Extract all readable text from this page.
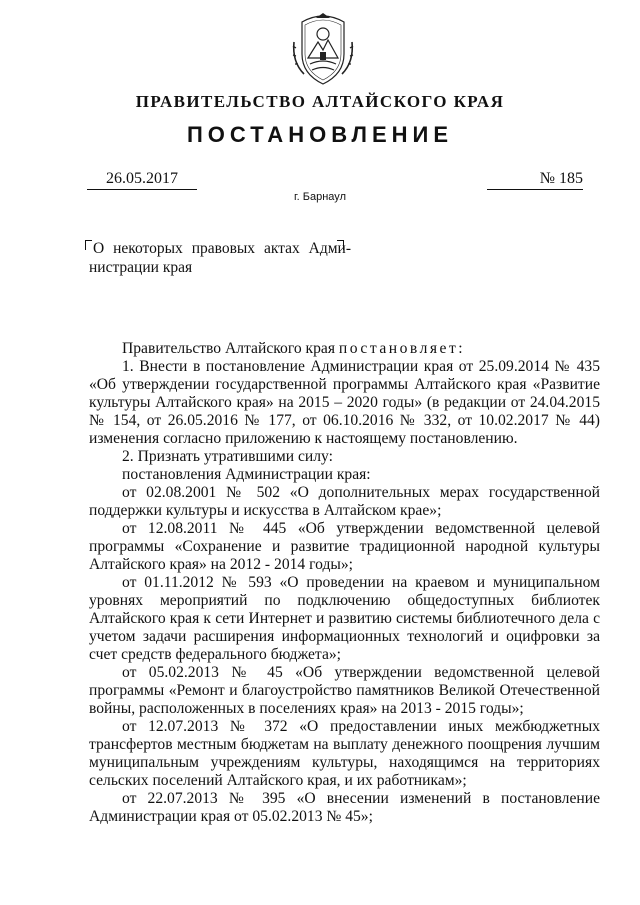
ПРАВИТЕЛЬСТВО АЛТАЙСКОГО КРАЯ
ПОСТАНОВЛЕНИЕ
26.05.2017	№ 185
г. Барнаул
О некоторых правовых актах Адми-
нистрации края

Правительство Алтайского края постановляет:

1. Внести в постановление Администрации края от 25.09.2014 № 435 «Об утверждении государственной программы Алтайского края «Развитие культуры Алтайского края» на 2015 – 2020 годы» (в редакции от 24.04.2015 № 154, от 26.05.2016 № 177, от 06.10.2016 № 332, от 10.02.2017 № 44) изменения согласно приложению к настоящему постановлению.

2. Признать утратившими силу:

постановления Администрации края:

от 02.08.2001 № 502 «О дополнительных мерах государственной поддержки культуры и искусства в Алтайском крае»;

от 12.08.2011 № 445 «Об утверждении ведомственной целевой программы «Сохранение и развитие традиционной народной культуры Алтайского края» на 2012 - 2014 годы»;

от 01.11.2012 № 593 «О проведении на краевом и муниципальном уровнях мероприятий по подключению общедоступных библиотек Алтайского края к сети Интернет и развитию системы библиотечного дела с учетом задачи расширения информационных технологий и оцифровки за счет средств федерального бюджета»;

от 05.02.2013 № 45 «Об утверждении ведомственной целевой программы «Ремонт и благоустройство памятников Великой Отечественной войны, расположенных в поселениях края» на 2013 - 2015 годы»;

от 12.07.2013 № 372 «О предоставлении иных межбюджетных трансфертов местным бюджетам на выплату денежного поощрения лучшим муниципальным учреждениям культуры, находящимся на территориях сельских поселений Алтайского края, и их работникам»;

от 22.07.2013 № 395 «О внесении изменений в постановление Администрации края от 05.02.2013 № 45»;
